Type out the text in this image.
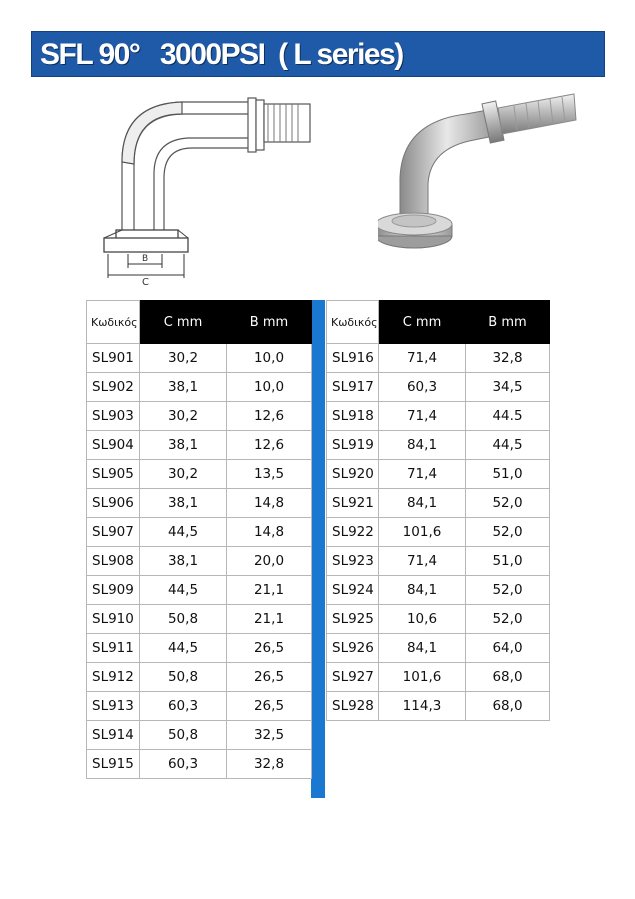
SFL 90°   3000PSI  ( L series)
B
C
Κωδικός	C mm	B mm
SL901	30,2	10,0
SL902	38,1	10,0
SL903	30,2	12,6
SL904	38,1	12,6
SL905	30,2	13,5
SL906	38,1	14,8
SL907	44,5	14,8
SL908	38,1	20,0
SL909	44,5	21,1
SL910	50,8	21,1
SL911	44,5	26,5
SL912	50,8	26,5
SL913	60,3	26,5
SL914	50,8	32,5
SL915	60,3	32,8
Κωδικός	C mm	B mm
SL916	71,4	32,8
SL917	60,3	34,5
SL918	71,4	44.5
SL919	84,1	44,5
SL920	71,4	51,0
SL921	84,1	52,0
SL922	101,6	52,0
SL923	71,4	51,0
SL924	84,1	52,0
SL925	10,6	52,0
SL926	84,1	64,0
SL927	101,6	68,0
SL928	114,3	68,0
